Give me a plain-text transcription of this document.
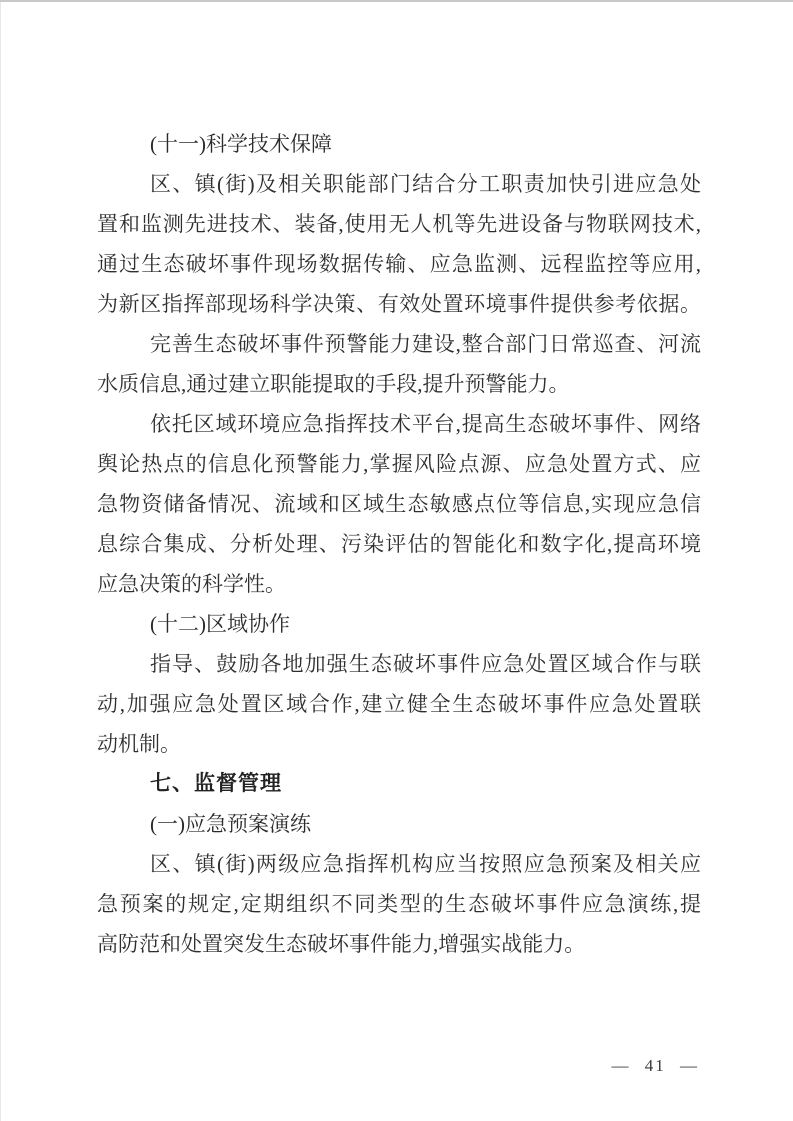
(十一)科学技术保障
区、镇(街)及相关职能部门结合分工职责加快引进应急处
置和监测先进技术、装备,使用无人机等先进设备与物联网技术,
通过生态破坏事件现场数据传输、应急监测、远程监控等应用,
为新区指挥部现场科学决策、有效处置环境事件提供参考依据。
完善生态破坏事件预警能力建设,整合部门日常巡查、河流
水质信息,通过建立职能提取的手段,提升预警能力。
依托区域环境应急指挥技术平台,提高生态破坏事件、网络
舆论热点的信息化预警能力,掌握风险点源、应急处置方式、应
急物资储备情况、流域和区域生态敏感点位等信息,实现应急信
息综合集成、分析处理、污染评估的智能化和数字化,提高环境
应急决策的科学性。
(十二)区域协作
指导、鼓励各地加强生态破坏事件应急处置区域合作与联
动,加强应急处置区域合作,建立健全生态破坏事件应急处置联
动机制。
七、监督管理
(一)应急预案演练
区、镇(街)两级应急指挥机构应当按照应急预案及相关应
急预案的规定,定期组织不同类型的生态破坏事件应急演练,提
高防范和处置突发生态破坏事件能力,增强实战能力。
— 41 —
